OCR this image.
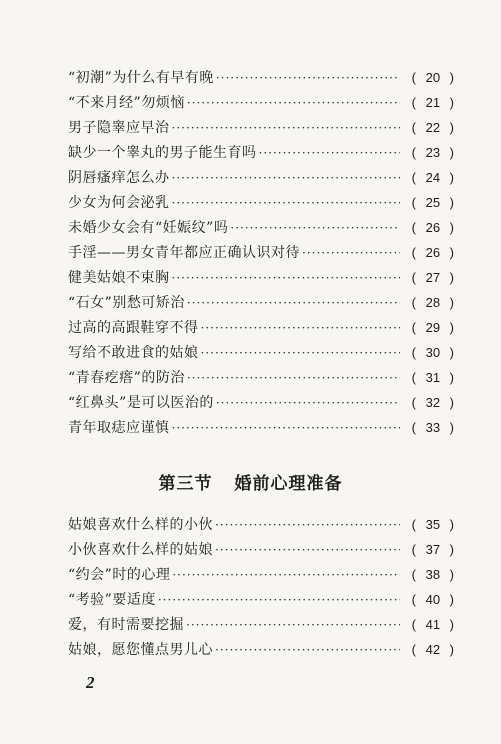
“初潮”为什么有早有晚 ·····	( 20 )
“不来月经”勿烦恼 ·····	( 21 )
男子隐睾应早治 ·····	( 22 )
缺少一个睾丸的男子能生育吗 ·····	( 23 )
阴唇瘙痒怎么办 ·····	( 24 )
少女为何会泌乳 ·····	( 25 )
未婚少女会有“妊娠纹”吗 ·····	( 26 )
手淫——男女青年都应正确认识对待 ·····	( 26 )
健美姑娘不束胸 ·····	( 27 )
“石女”别愁可矫治 ·····	( 28 )
过高的高跟鞋穿不得 ·····	( 29 )
写给不敢进食的姑娘 ·····	( 30 )
“青春疙瘩”的防治 ·····	( 31 )
“红鼻头”是可以医治的 ·····	( 32 )
青年取痣应谨慎 ·····	( 33 )
第三节 婚前心理准备
姑娘喜欢什么样的小伙 ·····	( 35 )
小伙喜欢什么样的姑娘 ·····	( 37 )
“约会”时的心理 ·····	( 38 )
“考验”要适度 ·····	( 40 )
爱，有时需要挖掘 ·····	( 41 )
姑娘，愿您懂点男儿心 ·····	( 42 )
2
